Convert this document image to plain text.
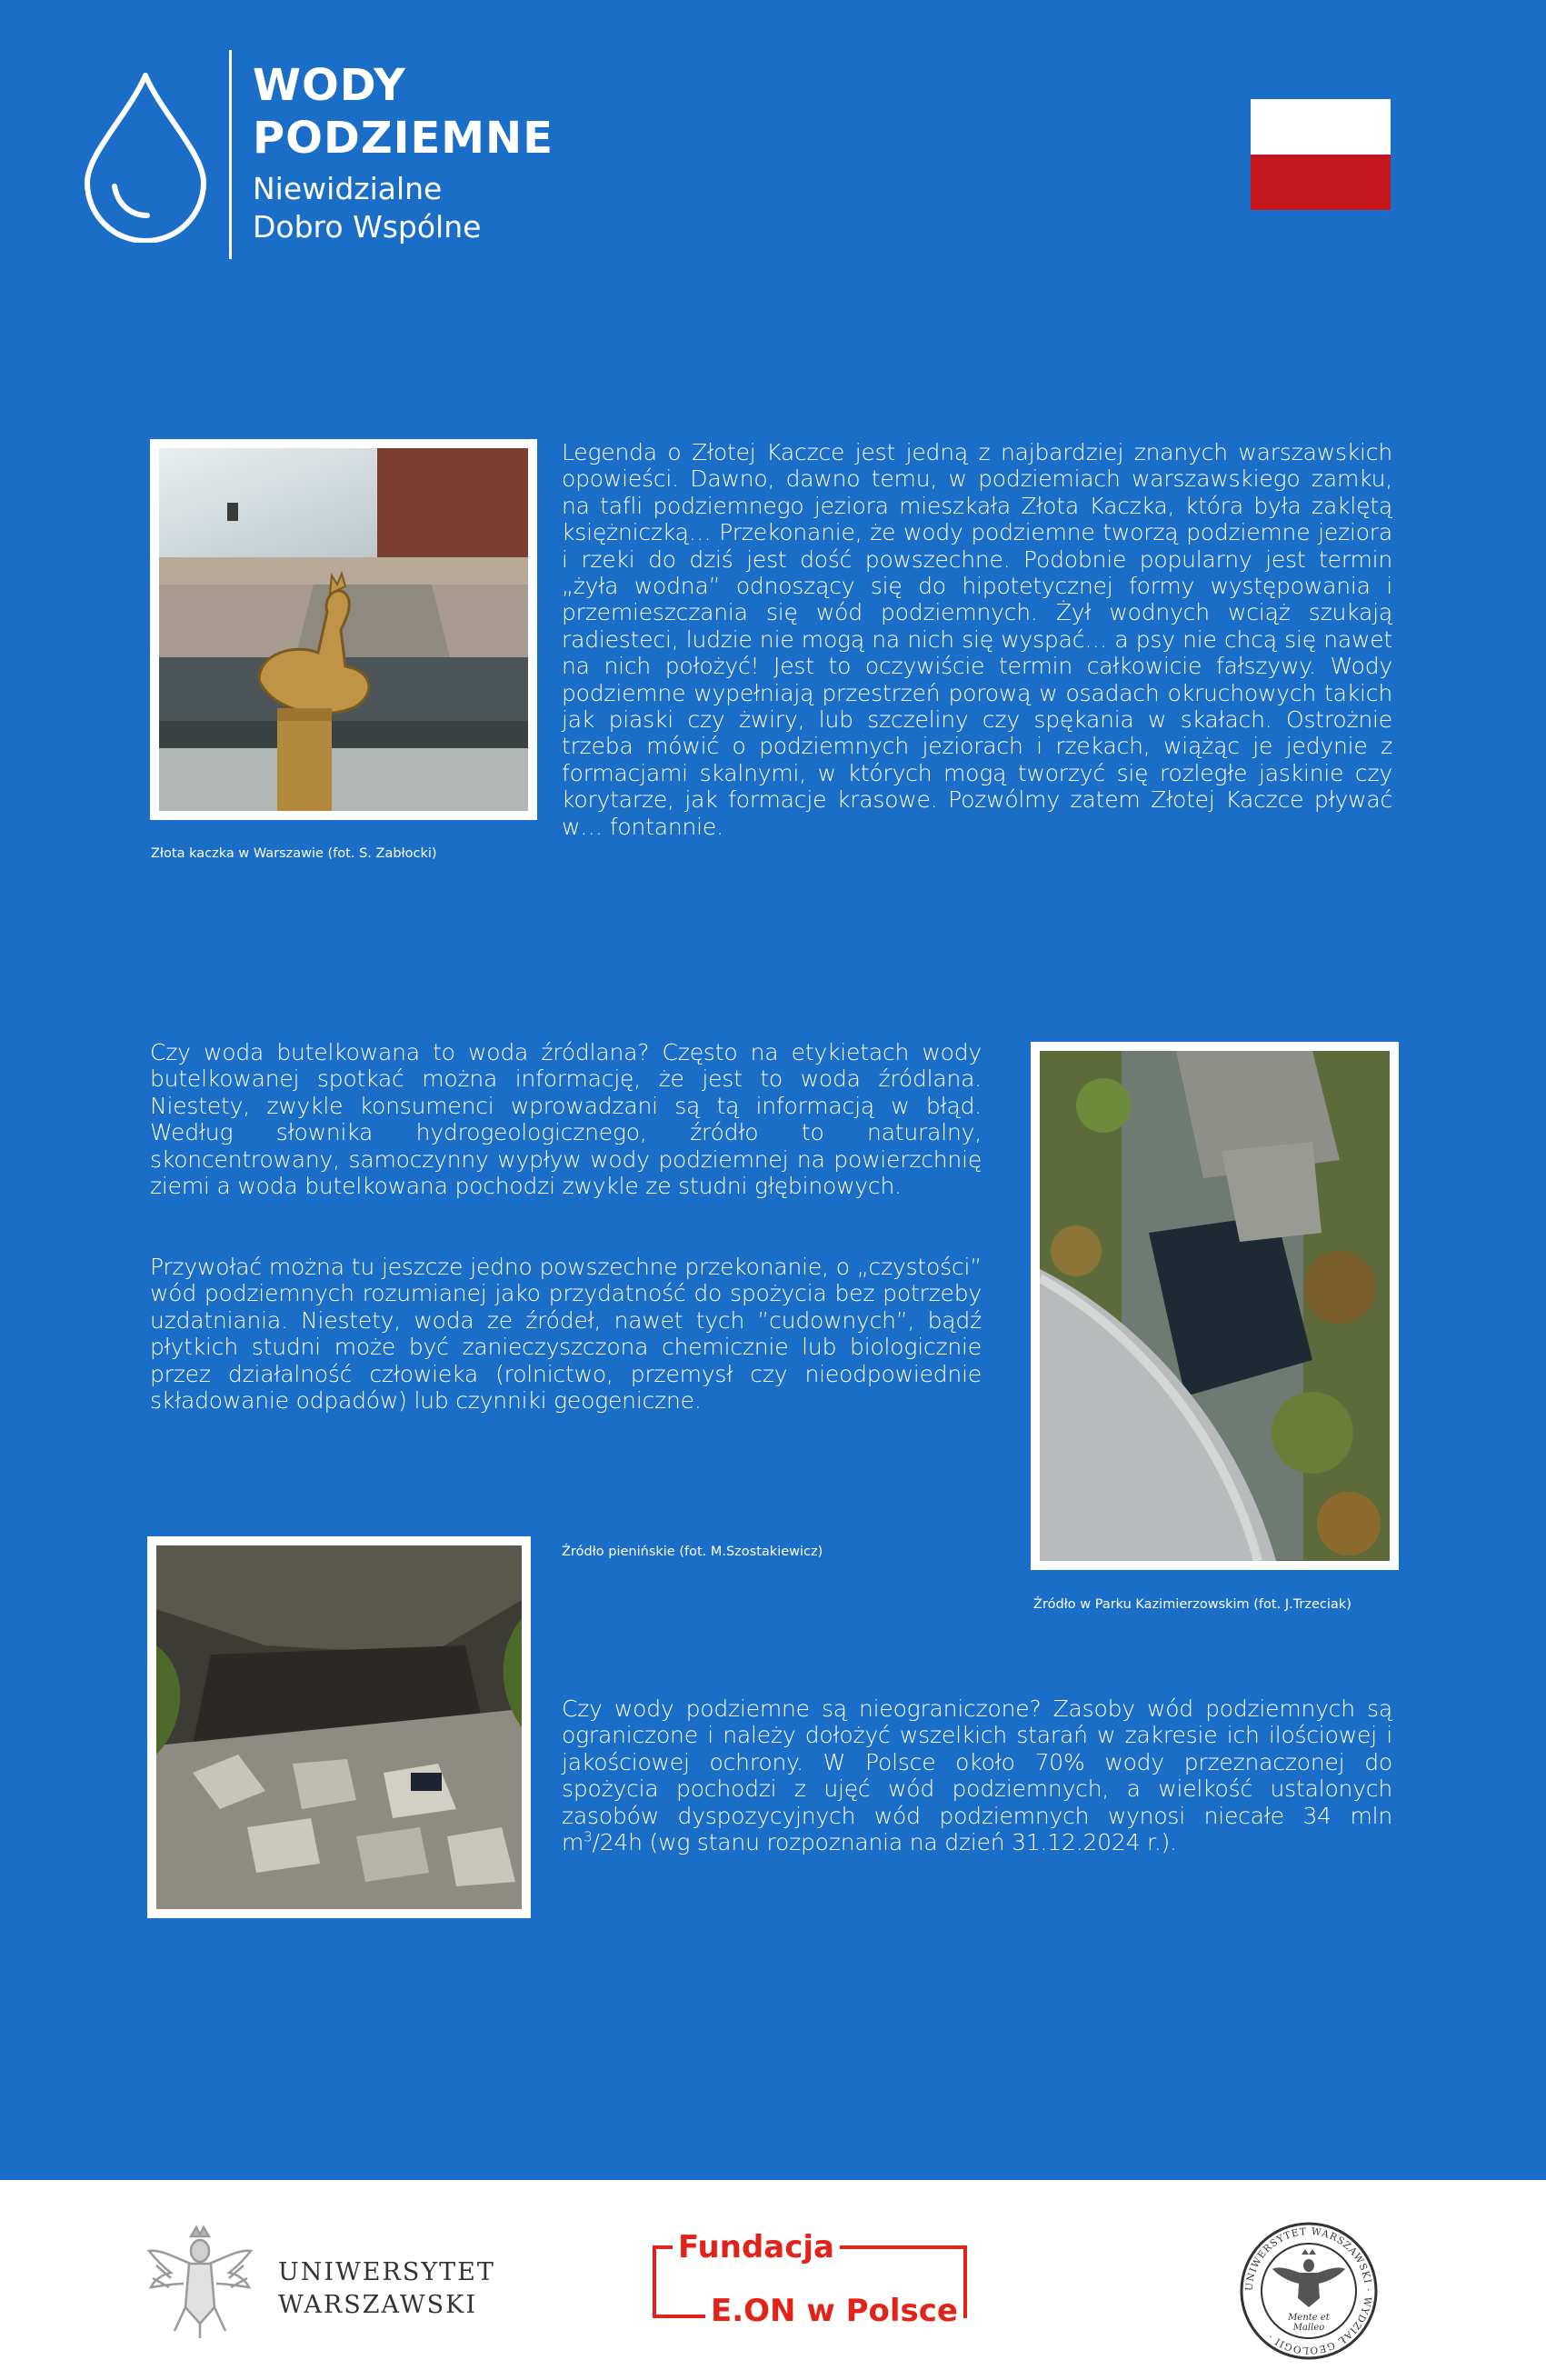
WODY
PODZIEMNE
Niewidzialne
Dobro Wspólne
Złota kaczka w Warszawie (fot. S. Zabłocki)

Legenda o Złotej Kaczce jest jedną z najbardziej znanych warszawskich opowieści. Dawno, dawno temu, w podziemiach warszawskiego zamku, na tafli podziemnego jeziora mieszkała Złota Kaczka, która była zaklętą księżniczką… Przekonanie, że wody podziemne tworzą podziemne jeziora i rzeki do dziś jest dość powszechne. Podobnie popularny jest termin „żyła wodna” odnoszący się do hipotetycznej formy występowania i przemieszczania się wód podziemnych. Żył wodnych wciąż szukają radiesteci, ludzie nie mogą na nich się wyspać… a psy nie chcą się nawet na nich położyć! Jest to oczywiście termin całkowicie fałszywy. Wody podziemne wypełniają przestrzeń porową w osadach okruchowych takich jak piaski czy żwiry, lub szczeliny czy spękania w skałach. Ostrożnie trzeba mówić o podziemnych jeziorach i rzekach, wiążąc je jedynie z formacjami skalnymi, w których mogą tworzyć się rozległe jaskinie czy korytarze, jak formacje krasowe. Pozwólmy zatem Złotej Kaczce pływać w… fontannie.

Czy woda butelkowana to woda źródlana? Często na etykietach wody butelkowanej spotkać można informację, że jest to woda źródlana. Niestety, zwykle konsumenci wprowadzani są tą informacją w błąd. Według słownika hydrogeologicznego, źródło to naturalny, skoncentrowany, samoczynny wypływ wody podziemnej na powierzchnię ziemi a woda butelkowana pochodzi zwykle ze studni głębinowych.

Przywołać można tu jeszcze jedno powszechne przekonanie, o „czystości” wód podziemnych rozumianej jako przydatność do spożycia bez potrzeby uzdatniania. Niestety, woda ze źródeł, nawet tych ”cudownych”, bądź płytkich studni może być zanieczyszczona chemicznie lub biologicznie przez działalność człowieka (rolnictwo, przemysł czy nieodpowiednie składowanie odpadów) lub czynniki geogeniczne.

Źródło w Parku Kazimierzowskim (fot. J.Trzeciak)
Źródło pienińskie (fot. M.Szostakiewicz)

Czy wody podziemne są nieograniczone? Zasoby wód podziemnych są ograniczone i należy dołożyć wszelkich starań w zakresie ich ilościowej i jakościowej ochrony. W Polsce około 70% wody przeznaczonej do spożycia pochodzi z ujęć wód podziemnych, a wielkość ustalonych zasobów dyspozycyjnych wód podziemnych wynosi niecałe 34 mln $m^3/24h$ (wg stanu rozpoznania na dzień 31.12.2024 r.).

UNIWERSYTET
WARSZAWSKI
Fundacja
E.ON w Polsce
UNIWERSYTET WARSZAWSKI · WYDZIAŁ GEOLOGII ·
Mente et
Malleo
